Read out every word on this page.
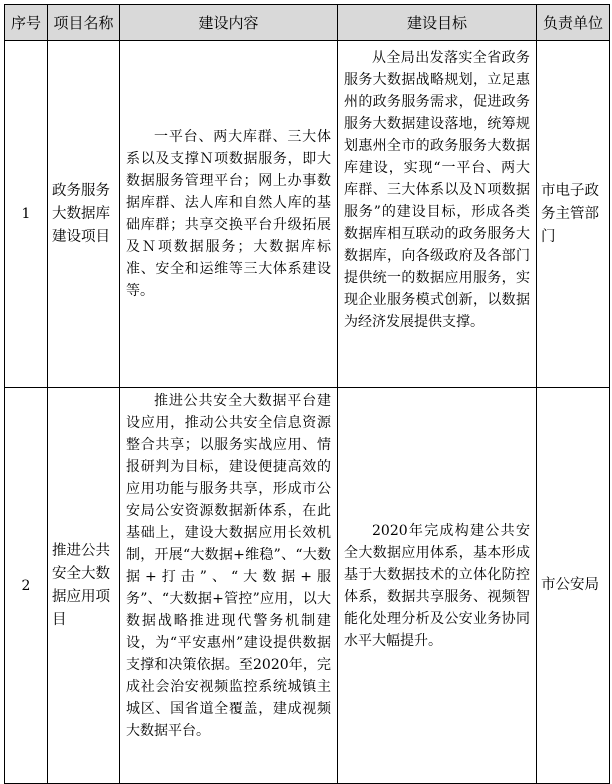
序号	项目名称	建设内容	建设目标	负责单位
1	政务服务大数据库建设项目	一平台、两大库群、三大体系以及支撑Ｎ项数据服务，即大数据服务管理平台；网上办事数据库群、法人库和自然人库的基础库群；共享交换平台升级拓展及Ｎ项数据服务；大数据库标准、安全和运维等三大体系建设等。	从全局出发落实全省政务服务大数据战略规划，立足惠州的政务服务需求，促进政务服务大数据建设落地，统筹规划惠州全市的政务服务大数据库建设，实现“一平台、两大库群、三大体系以及Ｎ项数据服务”的建设目标，形成各类数据库相互联动的政务服务大数据库，向各级政府及各部门提供统一的数据应用服务，实现企业服务模式创新，以数据为经济发展提供支撑。	市电子政务主管部门
2	推进公共安全大数据应用项目	推进公共安全大数据平台建设应用，推动公共安全信息资源整合共享；以服务实战应用、情报研判为目标，建设便捷高效的应用功能与服务共享，形成市公安局公安资源数据新体系，在此基础上，建设大数据应用长效机制，开展“大数据+维稳”、“大数据+打击”、“大数据+服务”、“大数据+管控”应用，以大数据战略推进现代警务机制建设，为“平安惠州”建设提供数据支撑和决策依据。至2020年，完成社会治安视频监控系统城镇主城区、国省道全覆盖，建成视频大数据平台。	2020年完成构建公共安全大数据应用体系，基本形成基于大数据技术的立体化防控体系，数据共享服务、视频智能化处理分析及公安业务协同水平大幅提升。	市公安局
